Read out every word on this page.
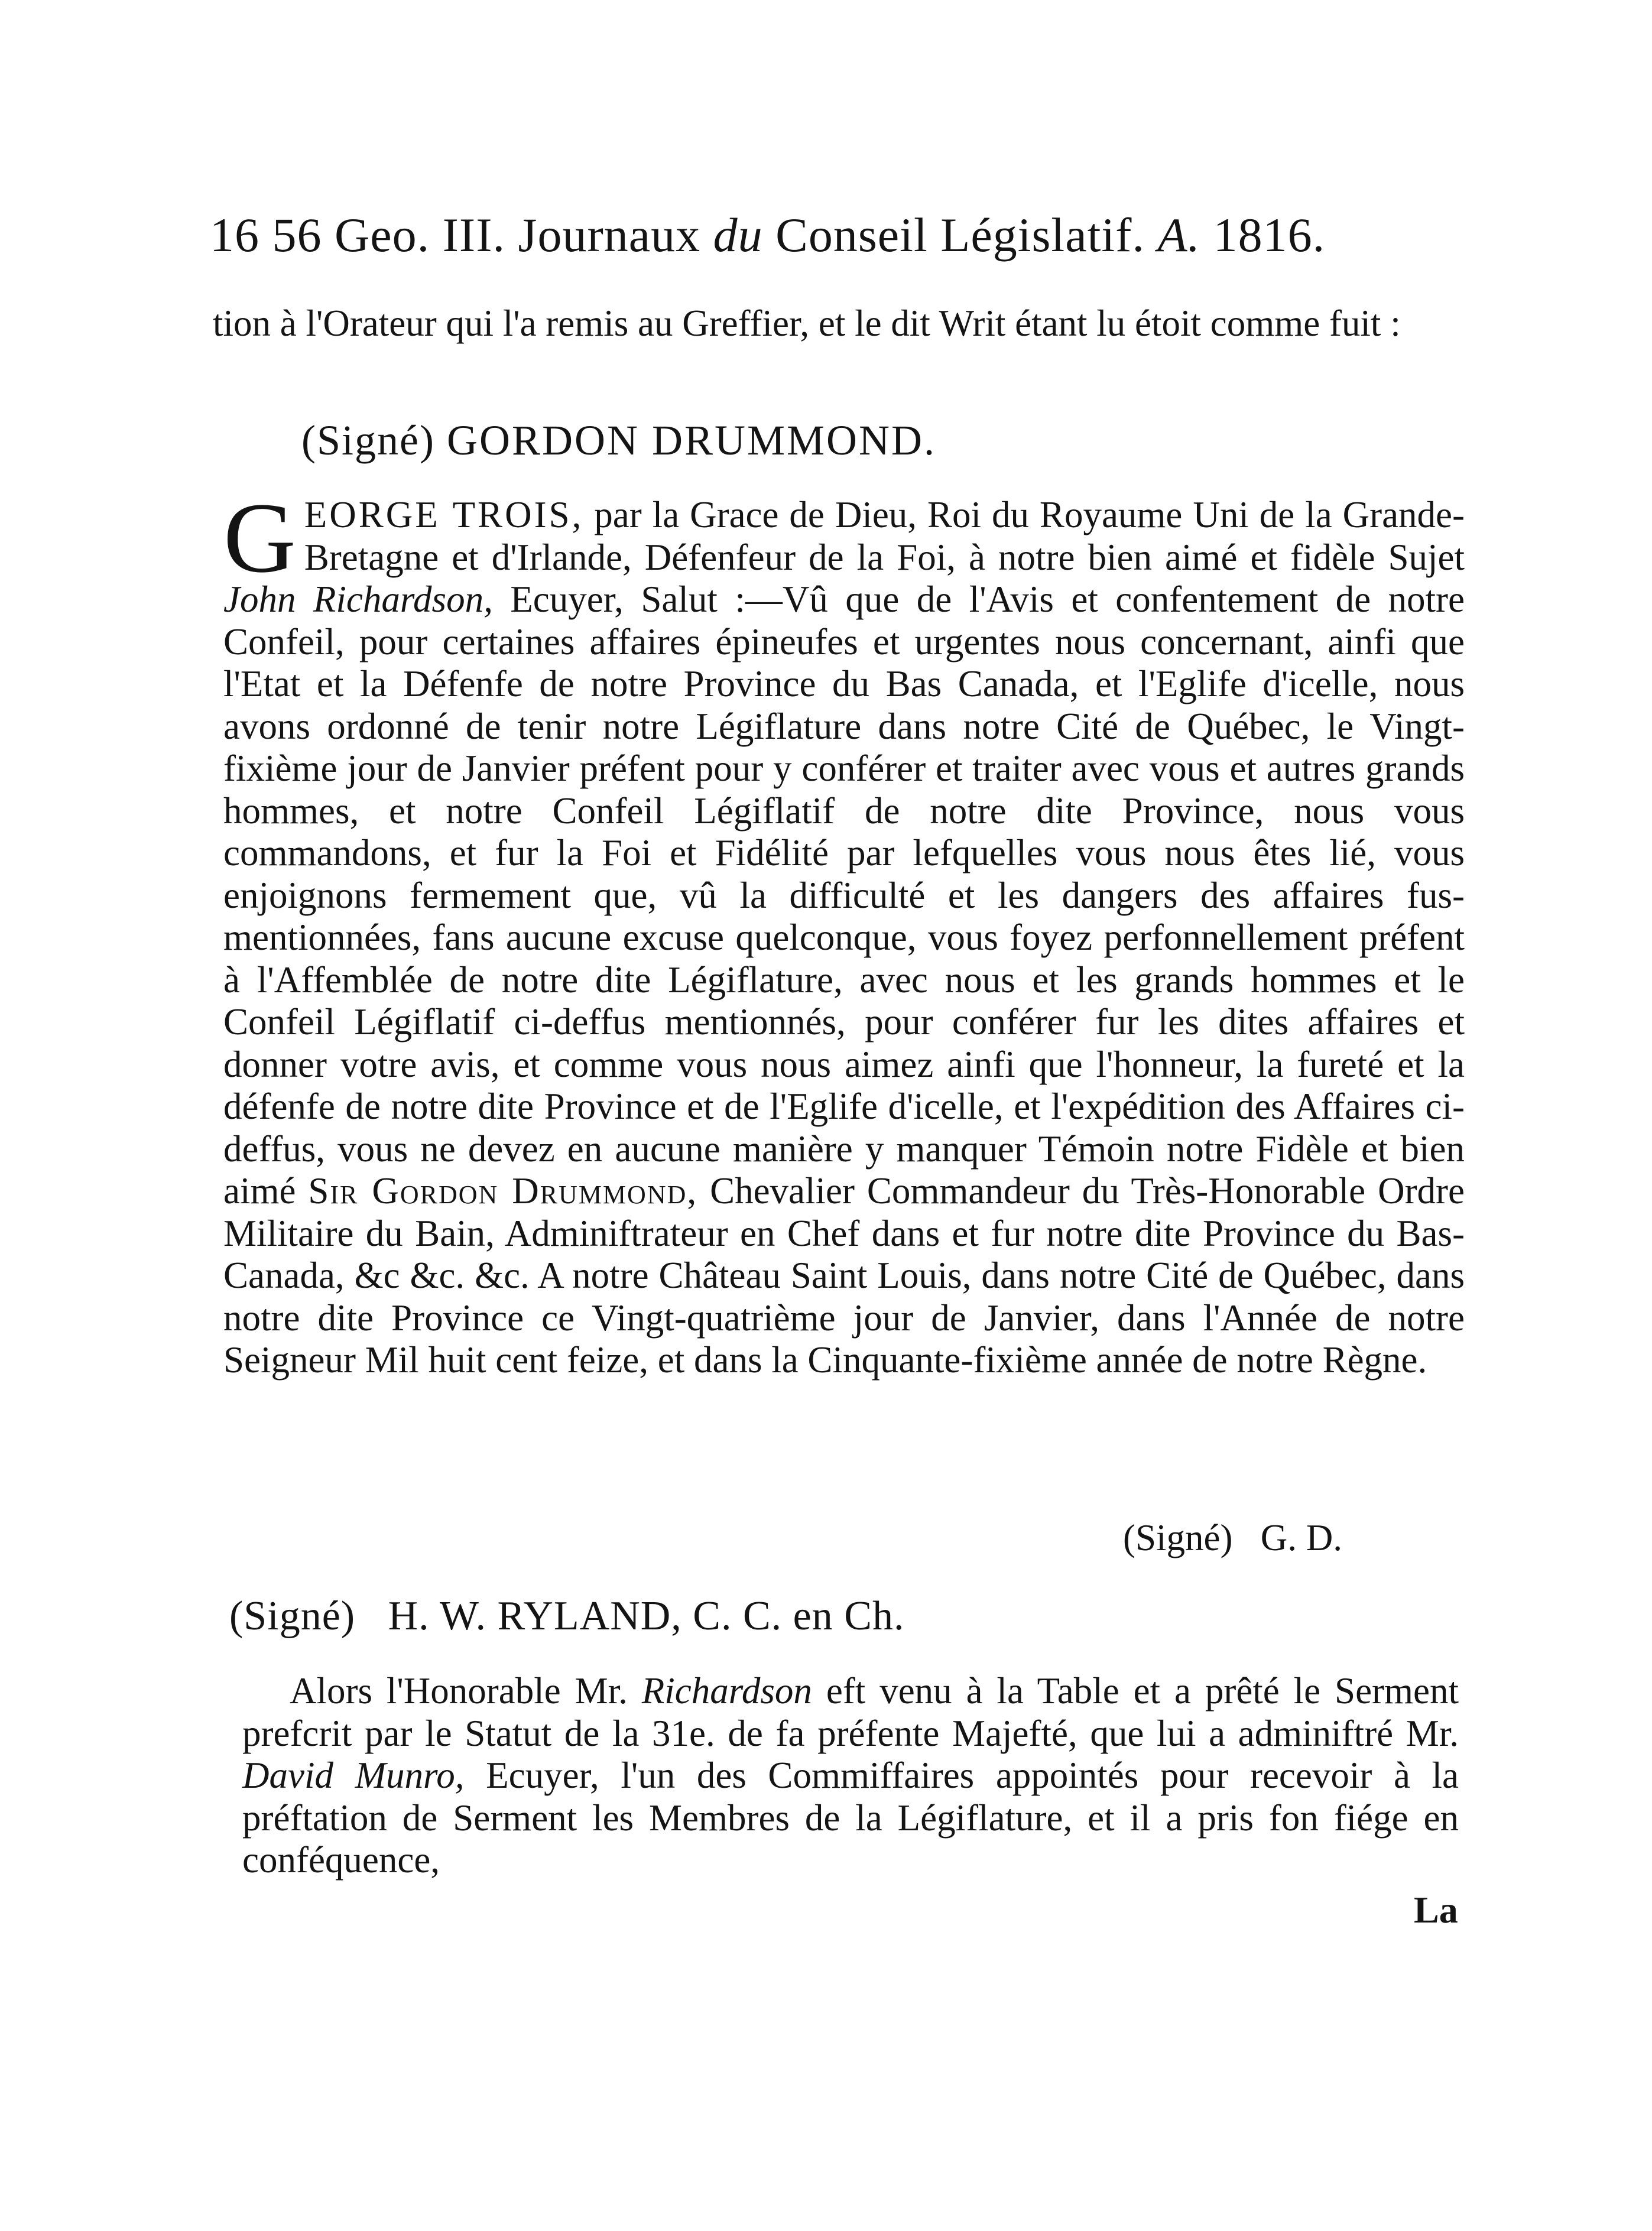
16 56 Geo. III. Journaux du Conseil Législatif. A. 1816.
tion à l'Orateur qui l'a remis au Greffier, et le dit Writ étant lu étoit comme fuit :
(Signé) GORDON DRUMMOND.
GEORGE TROIS, par la Grace de Dieu, Roi du Royaume Uni de la Grande-Bretagne et d'Irlande, Défenfeur de la Foi, à notre bien aimé et fidèle Sujet John Richardson, Ecuyer, Salut :—Vû que de l'Avis et confentement de notre Confeil, pour certaines affaires épineufes et urgentes nous concernant, ainfi que l'Etat et la Défenfe de notre Province du Bas Canada, et l'Eglife d'icelle, nous avons ordonné de tenir notre Légiflature dans notre Cité de Québec, le Vingt-fixième jour de Janvier préfent pour y conférer et traiter avec vous et autres grands hommes, et notre Confeil Légiflatif de notre dite Province, nous vous commandons, et fur la Foi et Fidélité par lefquelles vous nous êtes lié, vous enjoignons fermement que, vû la difficulté et les dangers des affaires fus-mentionnées, fans aucune excuse quelconque, vous foyez perfonnellement préfent à l'Affemblée de notre dite Légiflature, avec nous et les grands hommes et le Confeil Légiflatif ci-deffus mentionnés, pour conférer fur les dites affaires et donner votre avis, et comme vous nous aimez ainfi que l'honneur, la fureté et la défenfe de notre dite Province et de l'Eglife d'icelle, et l'expédition des Affaires ci-deffus, vous ne devez en aucune manière y manquer Témoin notre Fidèle et bien aimé Sir Gordon Drummond, Chevalier Commandeur du Très-Honorable Ordre Militaire du Bain, Adminiftrateur en Chef dans et fur notre dite Province du Bas-Canada, &c &c. &c. A notre Château Saint Louis, dans notre Cité de Québec, dans notre dite Province ce Vingt-quatrième jour de Janvier, dans l'Année de notre Seigneur Mil huit cent feize, et dans la Cinquante-fixième année de notre Règne.
(Signé) G. D.
(Signé) H. W. RYLAND, C. C. en Ch.
Alors l'Honorable Mr. Richardson eft venu à la Table et a prêté le Serment prefcrit par le Statut de la 31e. de fa préfente Majefté, que lui a adminiftré Mr. David Munro, Ecuyer, l'un des Commiffaires appointés pour recevoir à la préftation de Serment les Membres de la Légiflature, et il a pris fon fiége en conféquence,
La
